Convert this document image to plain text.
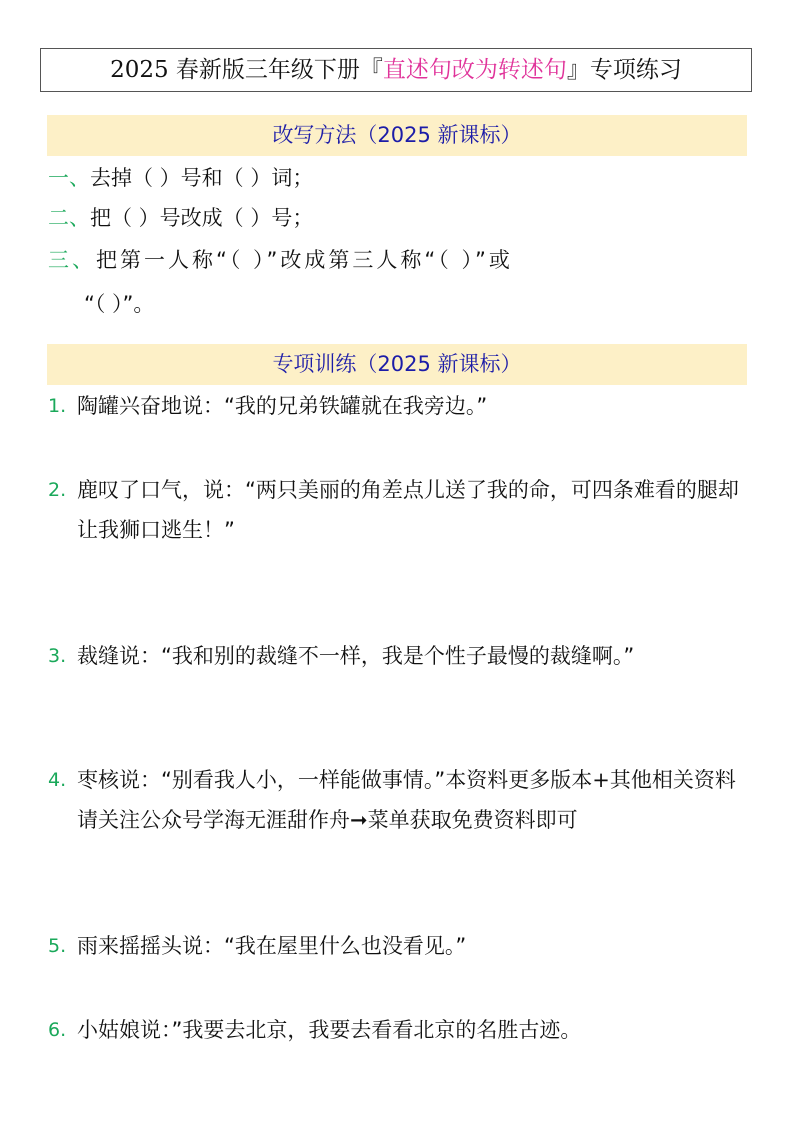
2025 春新版三年级下册『直述句改为转述句』专项练习
改写方法（2025 新课标）
一、去掉（ ）号和（ ）词；
二、把（ ）号改成（ ）号；
三、把第一人称“（ ）”改成第三人称“（ ）”或
“（ ）”。
专项训练（2025 新课标）
1. 陶罐兴奋地说：“我的兄弟铁罐就在我旁边。”
2. 鹿叹了口气，说：“两只美丽的角差点儿送了我的命，可四条难看的腿却让我狮口逃生！”
3. 裁缝说：“我和别的裁缝不一样，我是个性子最慢的裁缝啊。”
4. 枣核说：“别看我人小，一样能做事情。”本资料更多版本+其他相关资料请关注公众号学海无涯甜作舟➞菜单获取免费资料即可
5. 雨来摇摇头说：“我在屋里什么也没看见。”
6. 小姑娘说：”我要去北京，我要去看看北京的名胜古迹。
